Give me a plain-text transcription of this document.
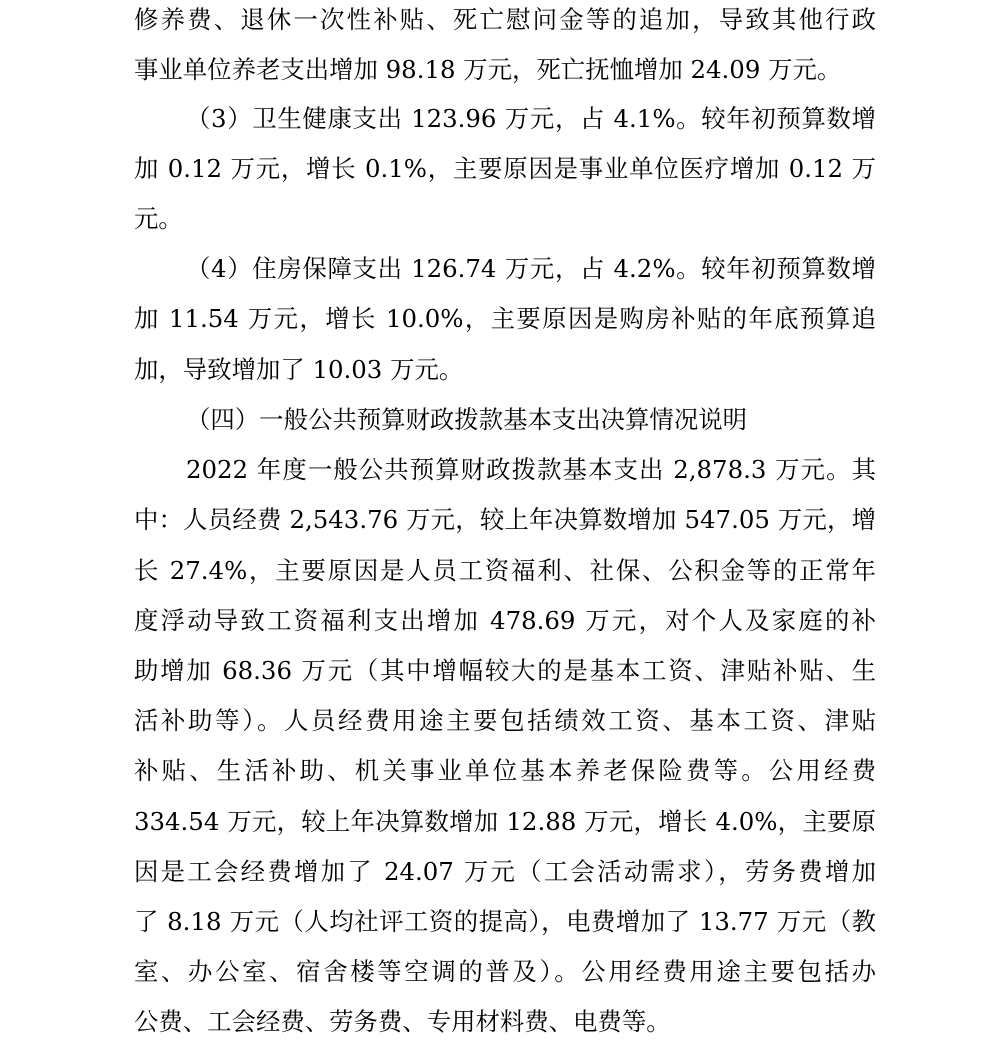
修养费、退休一次性补贴、死亡慰问金等的追加，导致其他行政
事业单位养老支出增加 98.18 万元，死亡抚恤增加 24.09 万元。
（3）卫生健康支出 123.96 万元，占 4.1%。较年初预算数增
加 0.12 万元，增长 0.1%，主要原因是事业单位医疗增加 0.12 万
元。
（4）住房保障支出 126.74 万元，占 4.2%。较年初预算数增
加 11.54 万元，增长 10.0%，主要原因是购房补贴的年底预算追
加，导致增加了 10.03 万元。
（四）一般公共预算财政拨款基本支出决算情况说明
2022 年度一般公共预算财政拨款基本支出 2,878.3 万元。其
中：人员经费 2,543.76 万元，较上年决算数增加 547.05 万元，增
长 27.4%，主要原因是人员工资福利、社保、公积金等的正常年
度浮动导致工资福利支出增加 478.69 万元，对个人及家庭的补
助增加 68.36 万元（其中增幅较大的是基本工资、津贴补贴、生
活补助等）。人员经费用途主要包括绩效工资、基本工资、津贴
补贴、生活补助、机关事业单位基本养老保险费等。公用经费
334.54 万元，较上年决算数增加 12.88 万元，增长 4.0%，主要原
因是工会经费增加了 24.07 万元（工会活动需求），劳务费增加
了 8.18 万元（人均社评工资的提高），电费增加了 13.77 万元（教
室、办公室、宿舍楼等空调的普及）。公用经费用途主要包括办
公费、工会经费、劳务费、专用材料费、电费等。
